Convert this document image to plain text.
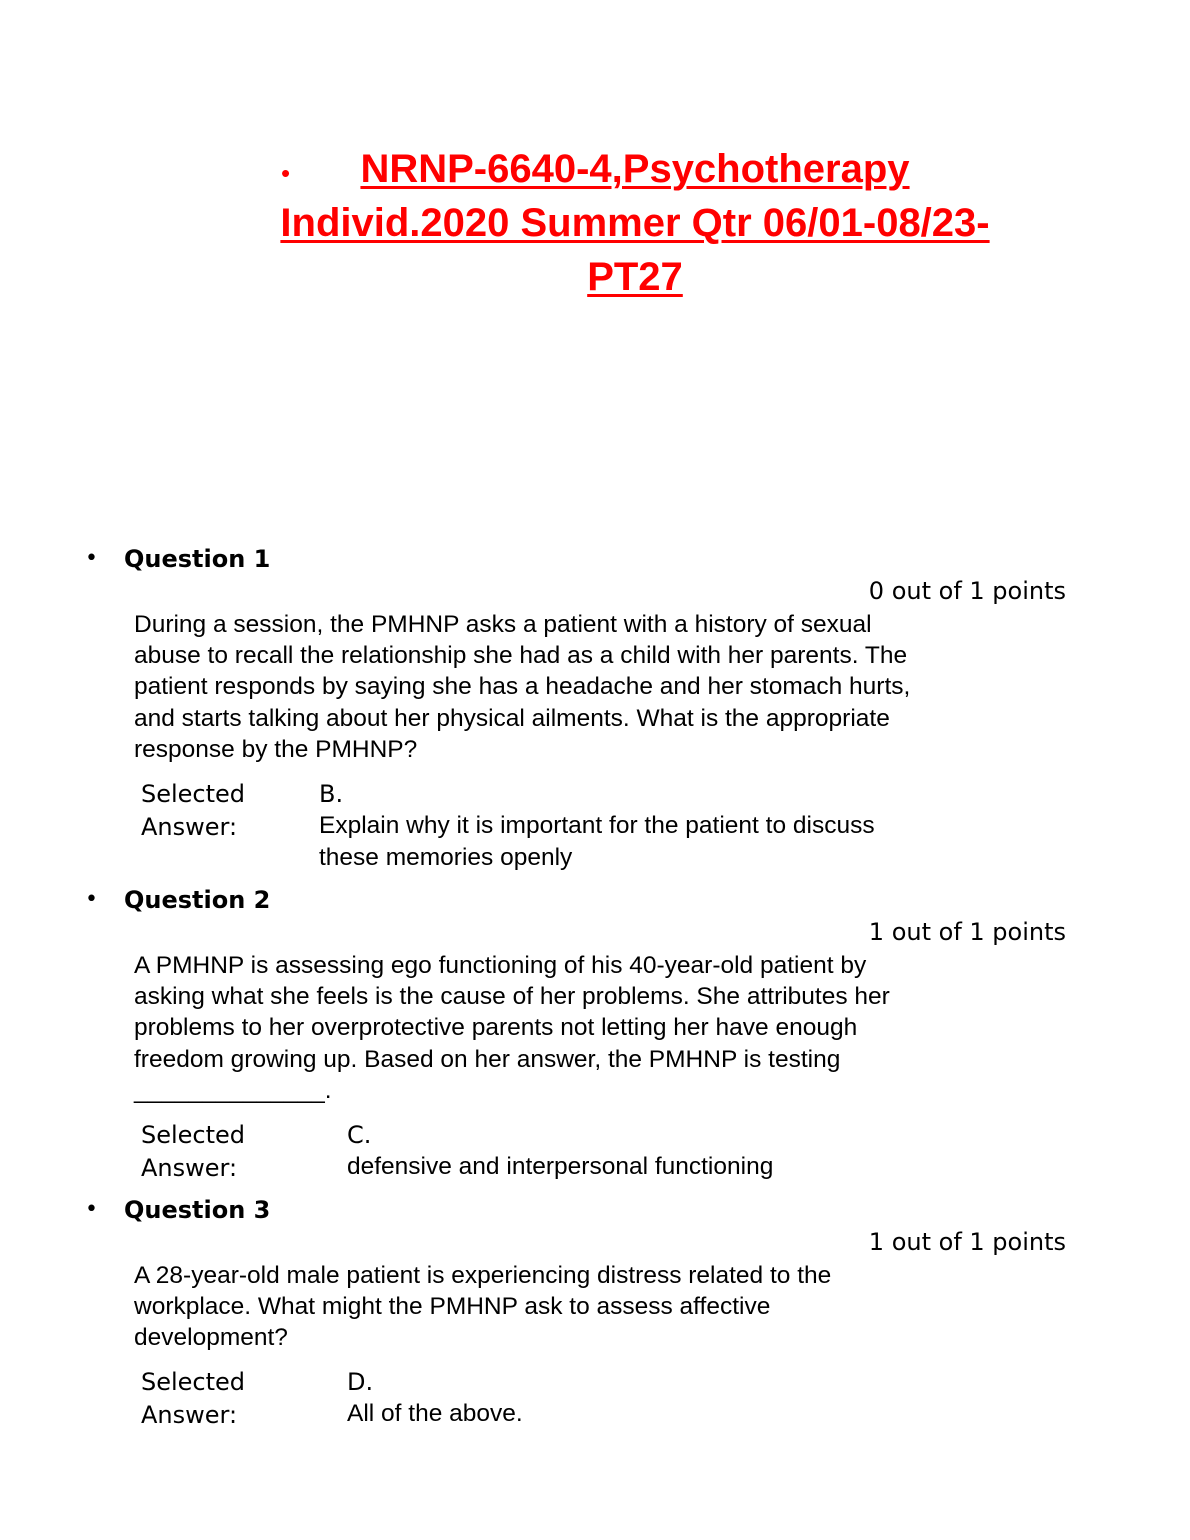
•	NRNP-6640-4,Psychotherapy
Individ.2020 Summer Qtr 06/01-08/23-
PT27
• Question 1
0 out of 1 points
During a session, the PMHNP asks a patient with a history of sexual
abuse to recall the relationship she had as a child with her parents. The
patient responds by saying she has a headache and her stomach hurts,
and starts talking about her physical ailments. What is the appropriate
response by the PMHNP?
Selected
Answer:
B.
Explain why it is important for the patient to discuss
these memories openly
• Question 2
1 out of 1 points
A PMHNP is assessing ego functioning of his 40-year-old patient by
asking what she feels is the cause of her problems. She attributes her
problems to her overprotective parents not letting her have enough
freedom growing up. Based on her answer, the PMHNP is testing
______________.
Selected
Answer:
C.
defensive and interpersonal functioning
• Question 3
1 out of 1 points
A 28-year-old male patient is experiencing distress related to the
workplace. What might the PMHNP ask to assess affective
development?
Selected
Answer:
D.
All of the above.
